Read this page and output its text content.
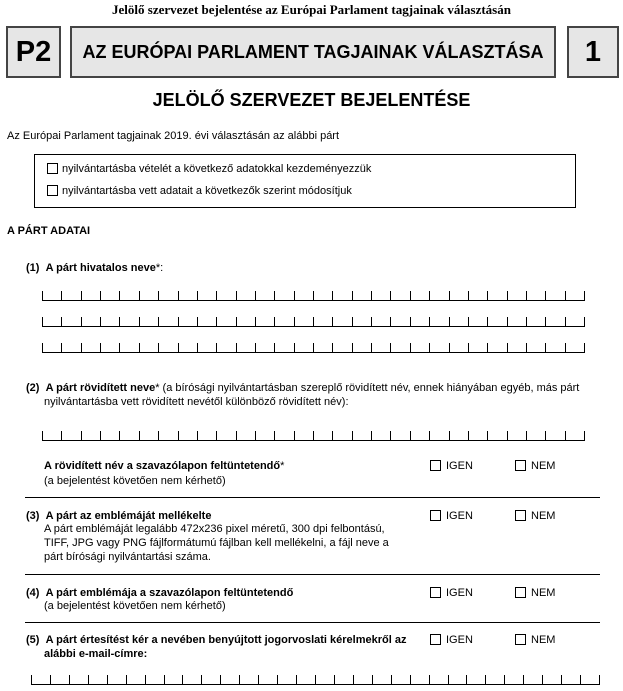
Jelölő szervezet bejelentése az Európai Parlament tagjainak választásán
P2 AZ EURÓPAI PARLAMENT TAGJAINAK VÁLASZTÁSA 1
JELÖLŐ SZERVEZET BEJELENTÉSE
Az Európai Parlament tagjainak 2019. évi választásán az alábbi párt
nyilvántartásba vételét a következő adatokkal kezdeményezzük
nyilvántartásba vett adatait a következők szerint módosítjuk
A PÁRT ADATAI
(1) A párt hivatalos neve*:
(2) A párt rövidített neve* (a bírósági nyilvántartásban szereplő rövidített név, ennek hiányában egyéb, más párt
nyilvántartásba vett rövidített nevétől különböző rövidített név):
A rövidített név a szavazólapon feltüntetendő*
(a bejelentést követően nem kérhető)
IGEN	NEM
(3) A párt az emblémáját mellékelte
A párt emblémáját legalább 472x236 pixel méretű, 300 dpi felbontású,
TIFF, JPG vagy PNG fájlformátumú fájlban kell mellékelni, a fájl neve a
párt bírósági nyilvántartási száma.
IGEN	NEM
(4) A párt emblémája a szavazólapon feltüntetendő
(a bejelentést követően nem kérhető)
IGEN	NEM
(5) A párt értesítést kér a nevében benyújtott jogorvoslati kérelmekről az
alábbi e-mail-címre:
IGEN	NEM
